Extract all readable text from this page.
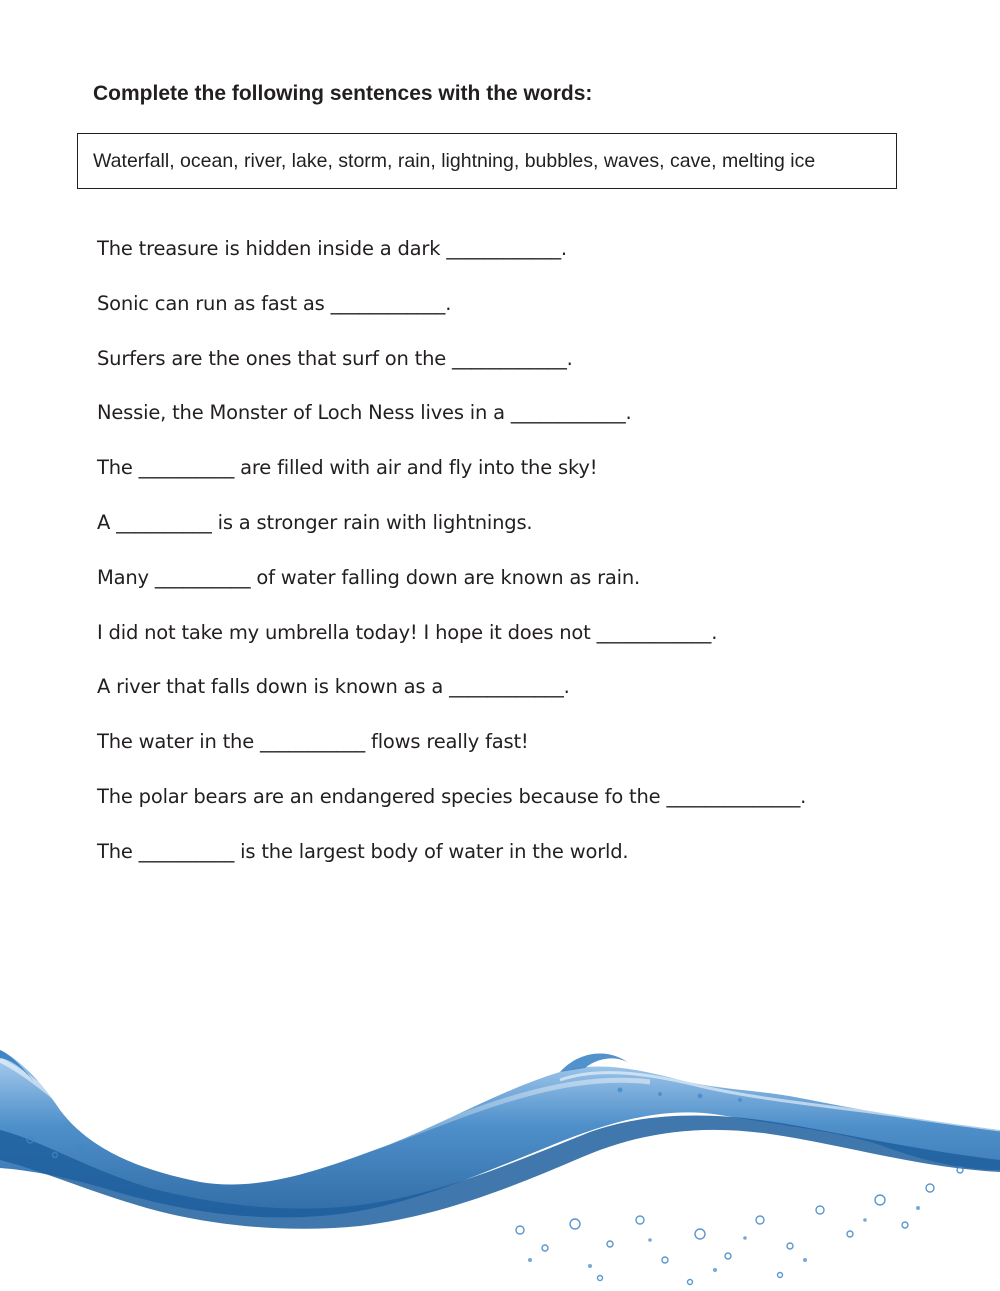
Complete the following sentences with the words:
Waterfall, ocean, river, lake, storm, rain, lightning, bubbles, waves, cave, melting ice
The treasure is hidden inside a dark ____________.
Sonic can run as fast as ____________.
Surfers are the ones that surf on the ____________.
Nessie, the Monster of Loch Ness lives in a ____________.
The __________ are filled with air and fly into the sky!
A __________ is a stronger rain with lightnings.
Many __________ of water falling down are known as rain.
I did not take my umbrella today! I hope it does not ____________.
A river that falls down is known as a ____________.
The water in the ___________ flows really fast!
The polar bears are an endangered species because fo the ______________.
The __________ is the largest body of water in the world.
